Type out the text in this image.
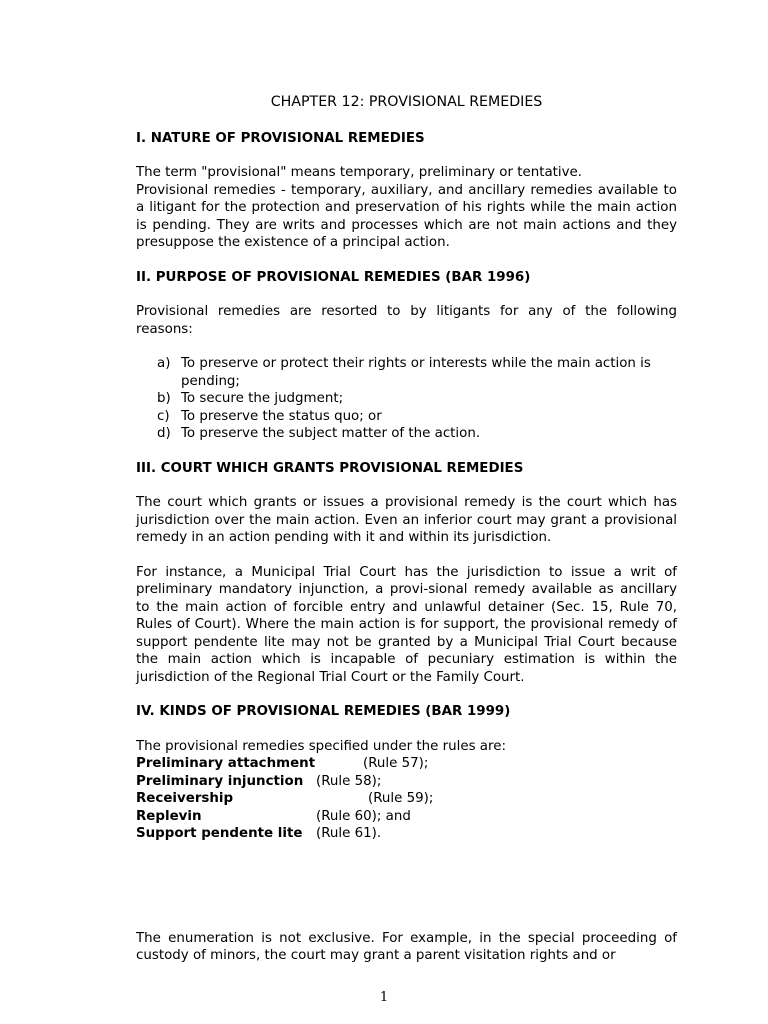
CHAPTER 12: PROVISIONAL REMEDIES
I. NATURE OF PROVISIONAL REMEDIES
The term "provisional" means temporary, preliminary or tentative.
Provisional remedies - temporary, auxiliary, and ancillary remedies available to a litigant for the protection and preservation of his rights while the main action is pending. They are writs and processes which are not main actions and they presuppose the existence of a principal action.
II. PURPOSE OF PROVISIONAL REMEDIES (BAR 1996)
Provisional remedies are resorted to by litigants for any of the following reasons:
a) To preserve or protect their rights or interests while the main action is pending;
b) To secure the judgment;
c) To preserve the status quo; or
d) To preserve the subject matter of the action.
III. COURT WHICH GRANTS PROVISIONAL REMEDIES
The court which grants or issues a provisional remedy is the court which has jurisdiction over the main action. Even an inferior court may grant a provisional remedy in an action pending with it and within its jurisdiction.
For instance, a Municipal Trial Court has the jurisdiction to issue a writ of preliminary mandatory injunction, a provi-sional remedy available as ancillary to the main action of forcible entry and unlawful detainer (Sec. 15, Rule 70, Rules of Court). Where the main action is for support, the provisional remedy of support pendente lite may not be granted by a Municipal Trial Court because the main action which is incapable of pecuniary estimation is within the jurisdiction of the Regional Trial Court or the Family Court.
IV. KINDS OF PROVISIONAL REMEDIES (BAR 1999)
The provisional remedies specified under the rules are:
Preliminary attachment	(Rule 57);
Preliminary injunction (Rule 58);
Receivership	(Rule 59);
Replevin	(Rule 60); and
Support pendente lite	(Rule 61).
The enumeration is not exclusive. For example, in the special proceeding of custody of minors, the court may grant a parent visitation rights and or
1
